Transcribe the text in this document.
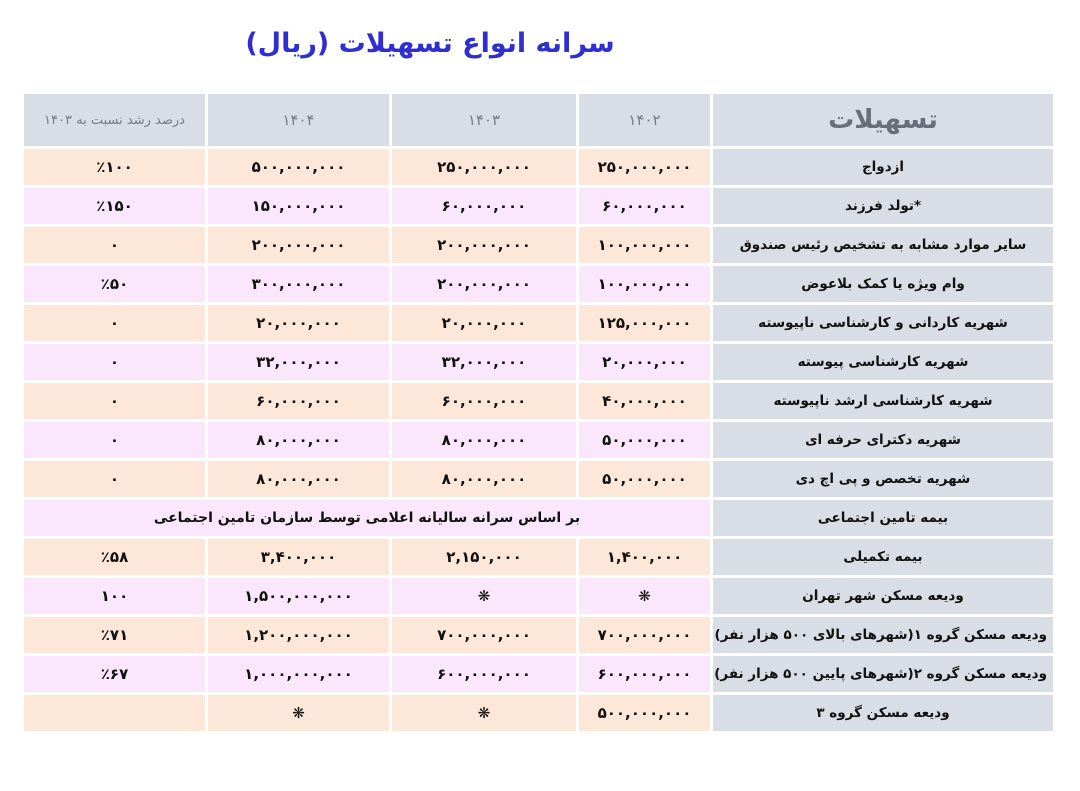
سرانه انواع تسهیلات (ریال)
تسهیلات	۱۴۰۲	۱۴۰۳	۱۴۰۴	درصد رشد نسبت به ۱۴۰۳
ازدواج	۲۵۰,۰۰۰,۰۰۰	۲۵۰,۰۰۰,۰۰۰	۵۰۰,۰۰۰,۰۰۰	٪۱۰۰
*تولد فرزند	۶۰,۰۰۰,۰۰۰	۶۰,۰۰۰,۰۰۰	۱۵۰,۰۰۰,۰۰۰	٪۱۵۰
سایر موارد مشابه به تشخیص رئیس صندوق	۱۰۰,۰۰۰,۰۰۰	۲۰۰,۰۰۰,۰۰۰	۲۰۰,۰۰۰,۰۰۰	۰
وام ویژه یا کمک بلاعوض	۱۰۰,۰۰۰,۰۰۰	۲۰۰,۰۰۰,۰۰۰	۳۰۰,۰۰۰,۰۰۰	٪۵۰
شهریه کاردانی و کارشناسی ناپیوسته	۱۲۵,۰۰۰,۰۰۰	۲۰,۰۰۰,۰۰۰	۲۰,۰۰۰,۰۰۰	۰
شهریه کارشناسی پیوسته	۲۰,۰۰۰,۰۰۰	۳۲,۰۰۰,۰۰۰	۳۲,۰۰۰,۰۰۰	۰
شهریه کارشناسی ارشد ناپیوسته	۴۰,۰۰۰,۰۰۰	۶۰,۰۰۰,۰۰۰	۶۰,۰۰۰,۰۰۰	۰
شهریه دکترای حرفه ای	۵۰,۰۰۰,۰۰۰	۸۰,۰۰۰,۰۰۰	۸۰,۰۰۰,۰۰۰	۰
شهریه تخصص و پی اچ دی	۵۰,۰۰۰,۰۰۰	۸۰,۰۰۰,۰۰۰	۸۰,۰۰۰,۰۰۰	۰
بیمه تامین اجتماعی	بر اساس سرانه سالیانه اعلامی توسط سازمان تامین اجتماعی			
بیمه تکمیلی	۱,۴۰۰,۰۰۰	۲,۱۵۰,۰۰۰	۳,۴۰۰,۰۰۰	٪۵۸
ودیعه مسکن شهر تهران	❋	❋	۱,۵۰۰,۰۰۰,۰۰۰	۱۰۰
ودیعه مسکن گروه ۱(شهرهای بالای ۵۰۰ هزار نفر)	۷۰۰,۰۰۰,۰۰۰	۷۰۰,۰۰۰,۰۰۰	۱,۲۰۰,۰۰۰,۰۰۰	٪۷۱
ودیعه مسکن گروه ۲(شهرهای پایین ۵۰۰ هزار نفر)	۶۰۰,۰۰۰,۰۰۰	۶۰۰,۰۰۰,۰۰۰	۱,۰۰۰,۰۰۰,۰۰۰	٪۶۷
ودیعه مسکن گروه ۳	۵۰۰,۰۰۰,۰۰۰	❋	❋	
